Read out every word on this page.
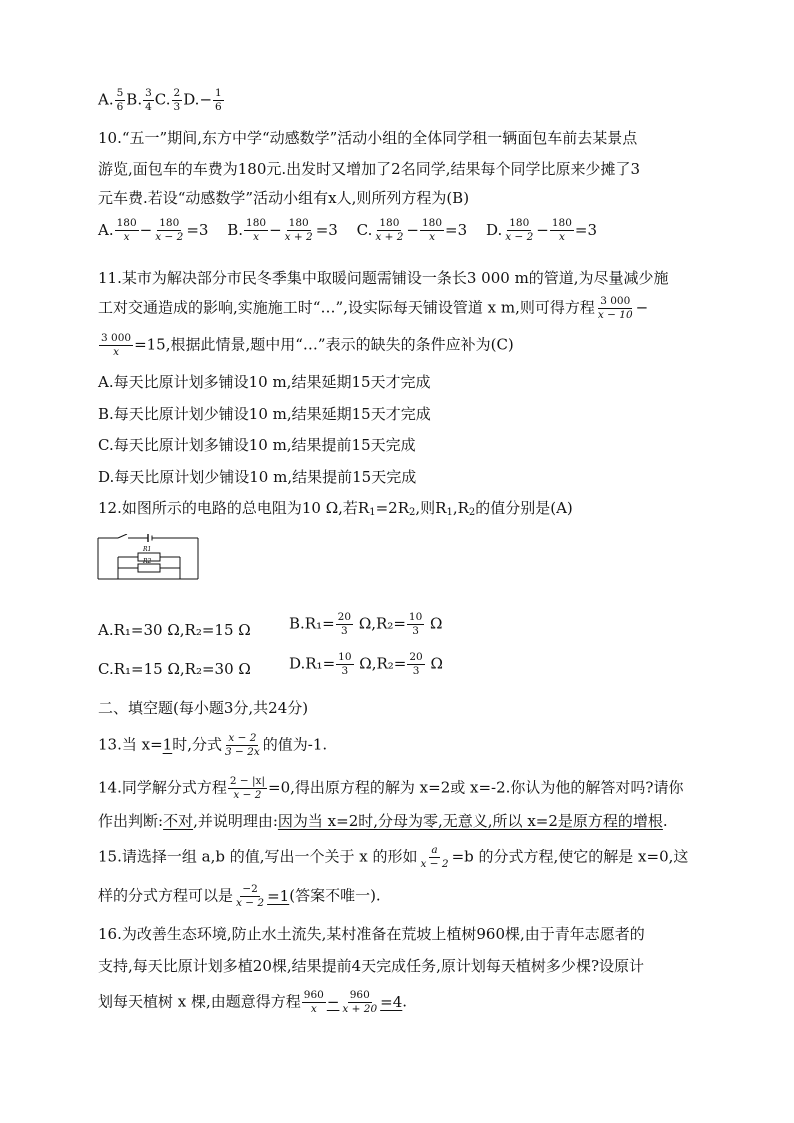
A. $\frac{5}{6} B$. $\frac{3}{4} C$. $\frac{2}{3} D.- \frac{1}{6}$
10.“五一”期间,东方中学“动感数学”活动小组的全体同学租一辆面包车前去某景点
游览,面包车的车费为180元.出发时又增加了2名同学,结果每个同学比原来少摊了3
元车费.若设“动感数学”活动小组有x人,则所列方程为(B)
A. $\frac{180}{x} - \frac{180}{x - 2} =3$ B. $\frac{180}{x} - \frac{180}{x + 2} =3$ C. $\frac{180}{x + 2} - \frac{180}{x} =3$ D. $\frac{180}{x - 2} - \frac{180}{x} =3$
11.某市为解决部分市民冬季集中取暖问题需铺设一条长3 000 m的管道,为尽量减少施
工对交通造成的影响,实施施工时“…”,设实际每天铺设管道 x m,则可得方程 $\frac{3 000}{x - 10}$ −
$\frac{3 000}{x} =15$,根据此情景,题中用“…”表示的缺失的条件应补为(C)
A.每天比原计划多铺设10 m,结果延期15天才完成
B.每天比原计划少铺设10 m,结果延期15天才完成
C.每天比原计划多铺设10 m,结果提前15天完成
D.每天比原计划少铺设10 m,结果提前15天完成
12.如图所示的电路的总电阻为10 Ω,若$R_1=2R_2$,则$R_1,R_2$的值分别是(A)
R1
R2
A.R₁=30 Ω,R₂=15 Ω	$B.R_1= \frac{20}{3} \Omega,R_2= \frac{10}{3}$ Ω
C.R₁=15 Ω,R₂=30 Ω	$D.R_1= \frac{10}{3} \Omega,R_2= \frac{20}{3}$ Ω
二、填空题(每小题3分,共24分)
13.当 x=1时,分式 $\frac{x - 2}{3 - 2x}$ 的值为-1.
14.同学解分式方程 $\frac{2 - |x|}{x - 2} =0$,得出原方程的解为 x=2或 x=-2.你认为他的解答对吗?请你
作出判断:不对,并说明理由:因为当 x=2时,分母为零,无意义,所以 x=2是原方程的增根.
15.请选择一组 a,b 的值,写出一个关于 x 的形如 $\frac{a}{x - 2} =b$ 的分式方程,使它的解是 x=0,这
样的分式方程可以是 $\frac{-2}{x - 2} =1$(答案不唯一).
16.为改善生态环境,防止水土流失,某村准备在荒坡上植树960棵,由于青年志愿者的
支持,每天比原计划多植20棵,结果提前4天完成任务,原计划每天植树多少棵?设原计
划每天植树 x 棵,由题意得方程 $\frac{960}{x} - \frac{960}{x + 20} =4$.
